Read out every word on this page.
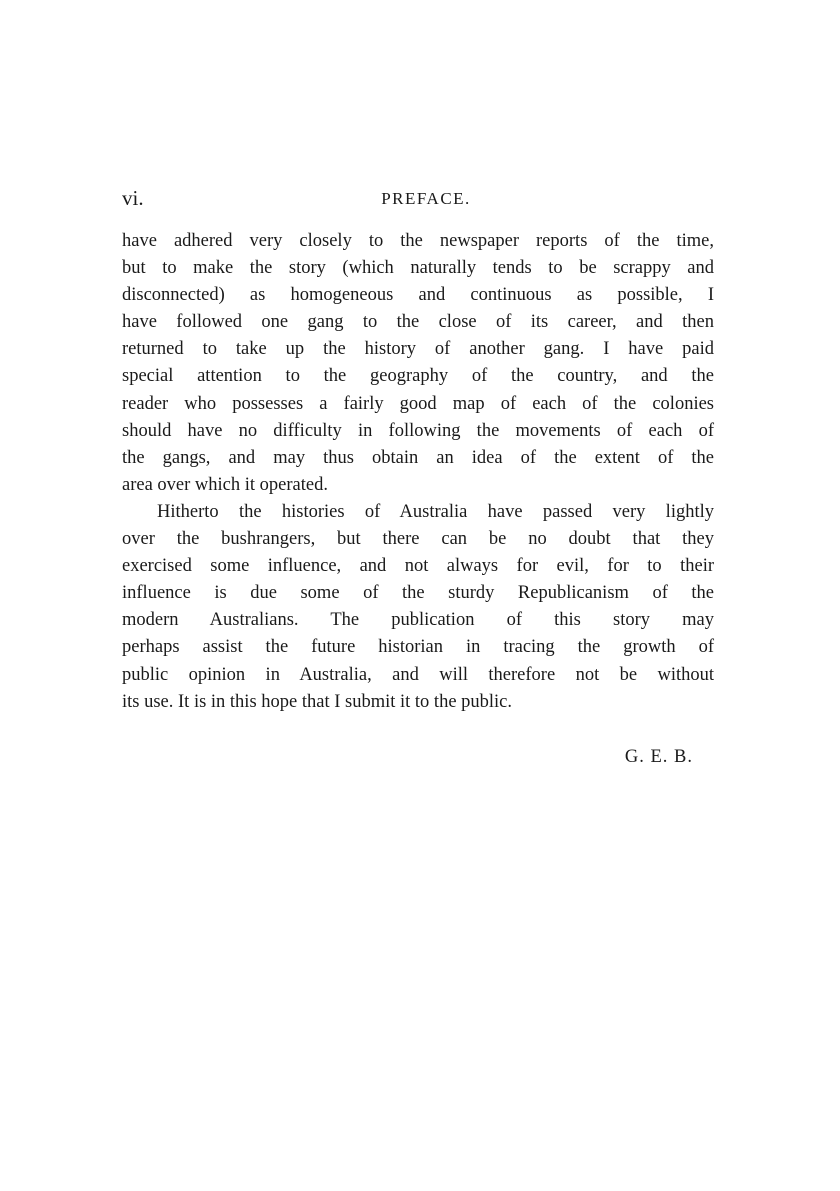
vi.	PREFACE.
have adhered very closely to the newspaper reports of the time,
but to make the story (which naturally tends to be scrappy and
disconnected) as homogeneous and continuous as possible, I
have followed one gang to the close of its career, and then
returned to take up the history of another gang. I have paid
special attention to the geography of the country, and the
reader who possesses a fairly good map of each of the colonies
should have no difficulty in following the movements of each of
the gangs, and may thus obtain an idea of the extent of the
area over which it operated.
Hitherto the histories of Australia have passed very lightly
over the bushrangers, but there can be no doubt that they
exercised some influence, and not always for evil, for to their
influence is due some of the sturdy Republicanism of the
modern Australians. The publication of this story may
perhaps assist the future historian in tracing the growth of
public opinion in Australia, and will therefore not be without
its use. It is in this hope that I submit it to the public.
G. E. B.
